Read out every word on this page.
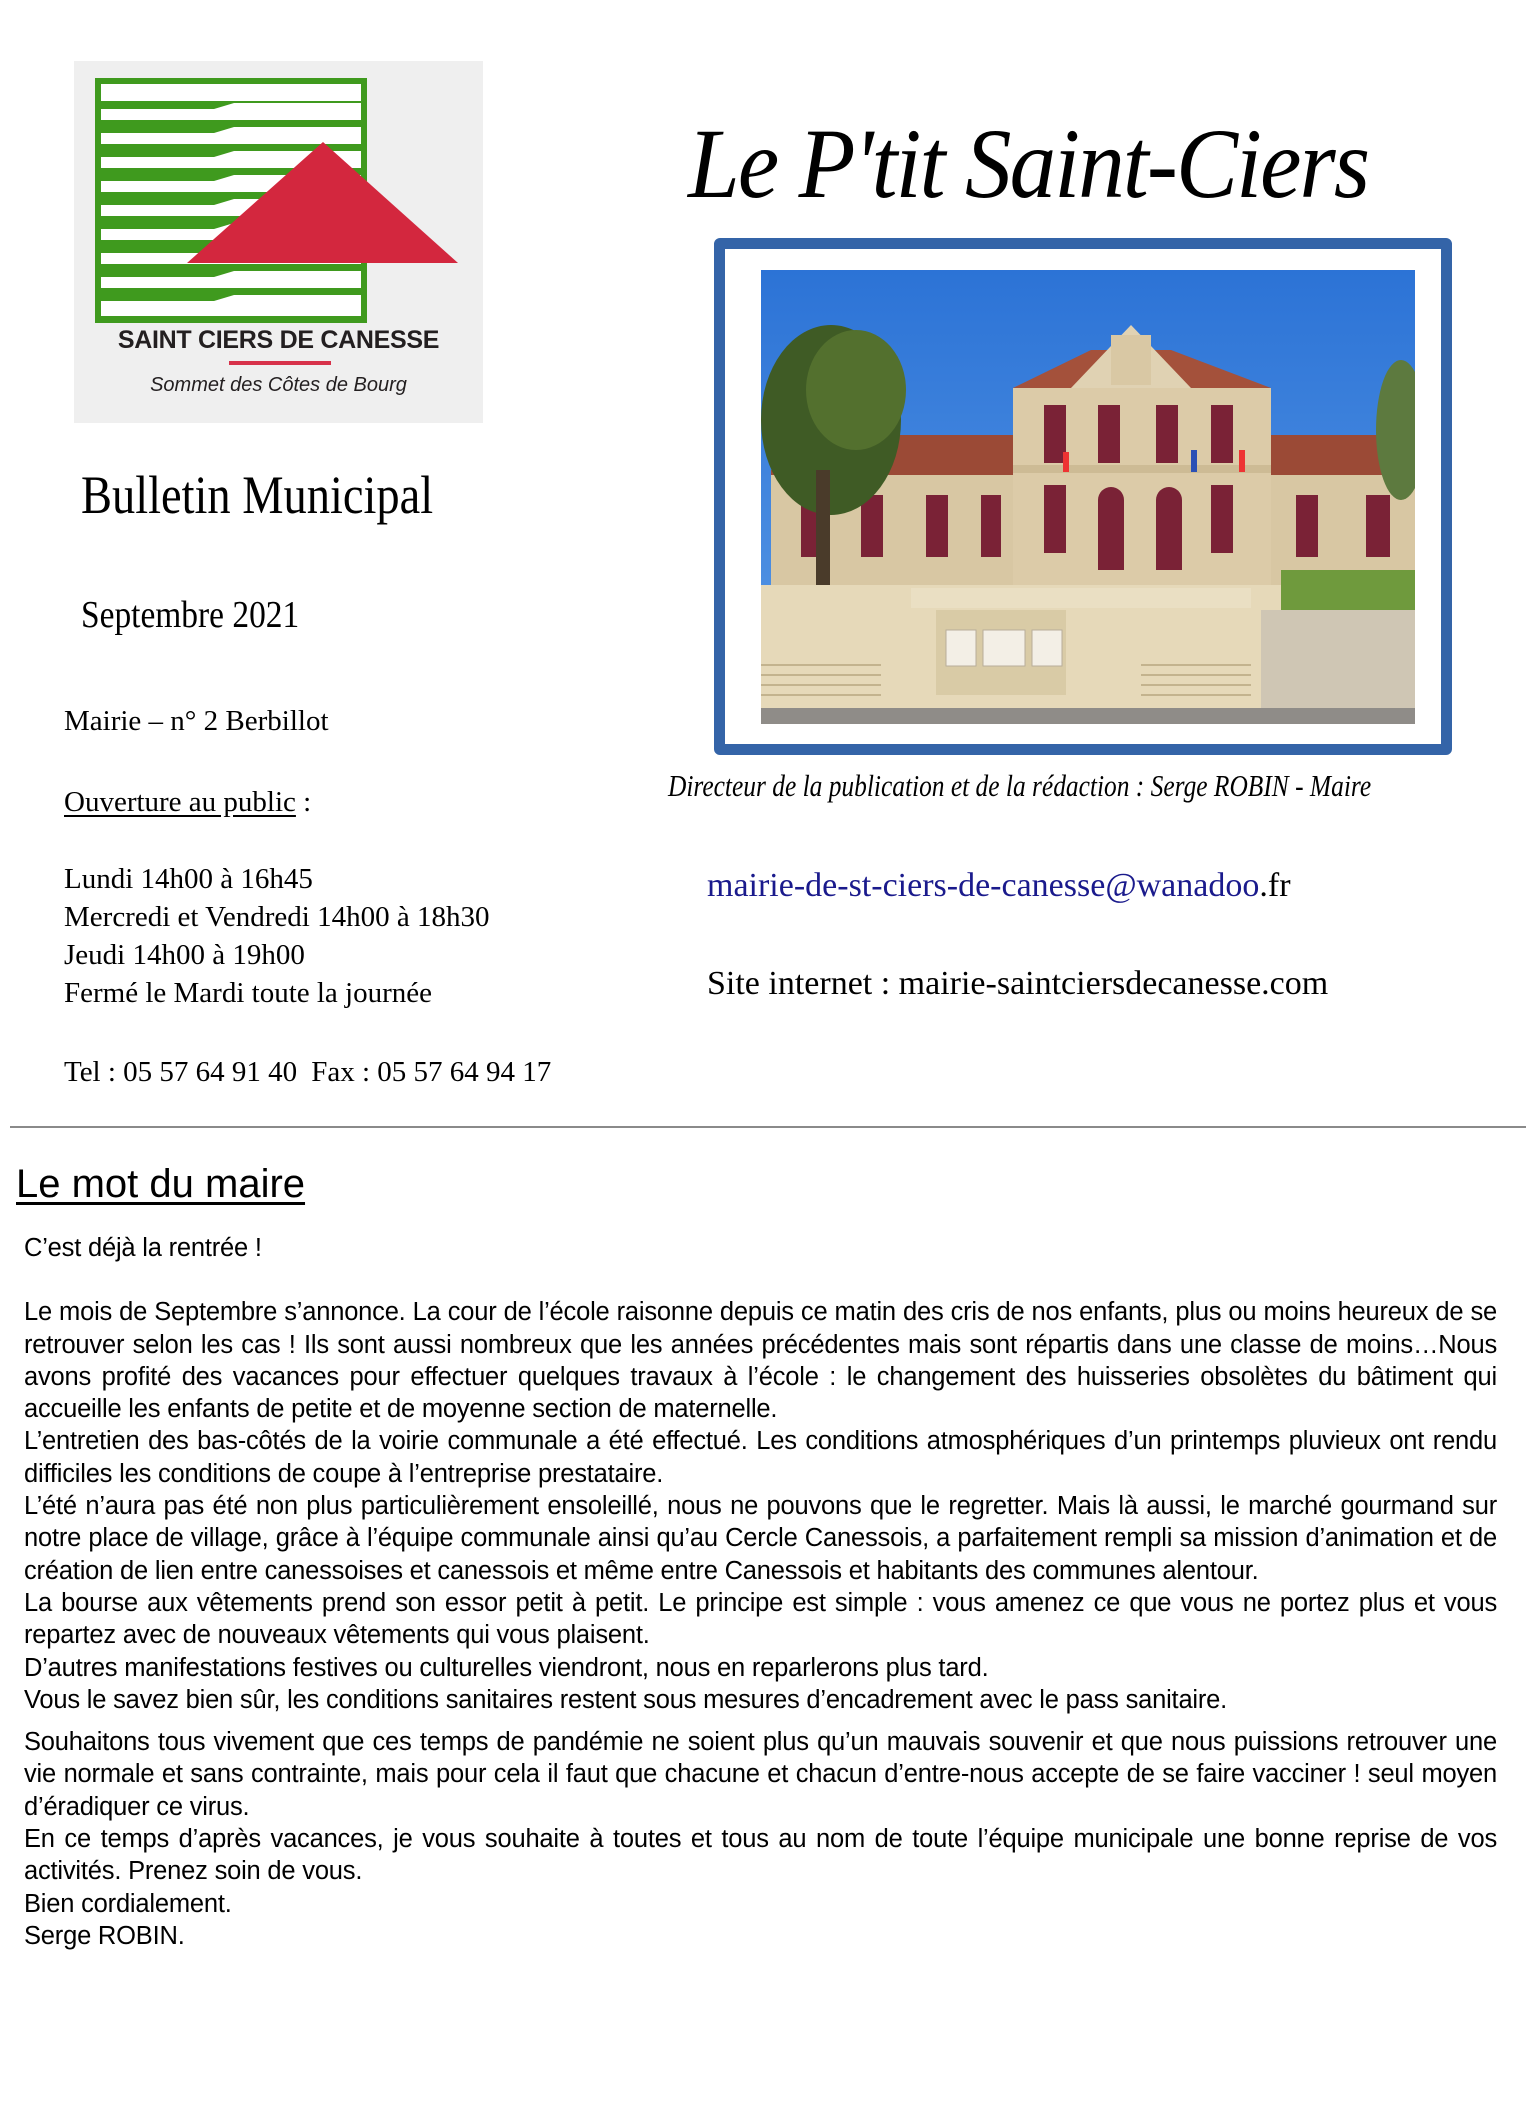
SAINT CIERS DE CANESSE
Sommet des Côtes de Bourg
Le P'tit Saint-Ciers
Bulletin Municipal
Septembre 2021
Mairie – n° 2 Berbillot
Ouverture au public :
Lundi 14h00 à 16h45
Mercredi et Vendredi 14h00 à 18h30
Jeudi 14h00 à 19h00
Fermé le Mardi toute la journée
Tel : 05 57 64 91 40 Fax : 05 57 64 94 17
Directeur de la publication et de la rédaction : Serge ROBIN - Maire
mairie-de-st-ciers-de-canesse@wanadoo.fr
Site internet : mairie-saintciersdecanesse.com
Le mot du maire

C’est déjà la rentrée !

Le mois de Septembre s’annonce. La cour de l’école raisonne depuis ce matin des cris de nos enfants, plus ou moins heureux de se retrouver selon les cas ! Ils sont aussi nombreux que les années précédentes mais sont répartis dans une classe de moins…Nous avons profité des vacances pour effectuer quelques travaux à l’école : le changement des huisseries obsolètes du bâtiment qui accueille les enfants de petite et de moyenne section de maternelle.

L’entretien des bas-côtés de la voirie communale a été effectué. Les conditions atmosphériques d’un printemps pluvieux ont rendu difficiles les conditions de coupe à l’entreprise prestataire.

L’été n’aura pas été non plus particulièrement ensoleillé, nous ne pouvons que le regretter. Mais là aussi, le marché gourmand sur notre place de village, grâce à l’équipe communale ainsi qu’au Cercle Canessois, a parfaitement rempli sa mission d’animation et de création de lien entre canessoises et canessois et même entre Canessois et habitants des communes alentour.

La bourse aux vêtements prend son essor petit à petit. Le principe est simple : vous amenez ce que vous ne portez plus et vous repartez avec de nouveaux vêtements qui vous plaisent.

D’autres manifestations festives ou culturelles viendront, nous en reparlerons plus tard.

Vous le savez bien sûr, les conditions sanitaires restent sous mesures d’encadrement avec le pass sanitaire.

Souhaitons tous vivement que ces temps de pandémie ne soient plus qu’un mauvais souvenir et que nous puissions retrouver une vie normale et sans contrainte, mais pour cela il faut que chacune et chacun d’entre-nous accepte de se faire vacciner ! seul moyen d’éradiquer ce virus.

En ce temps d’après vacances, je vous souhaite à toutes et tous au nom de toute l’équipe municipale une bonne reprise de vos activités. Prenez soin de vous.

Bien cordialement.

Serge ROBIN.
